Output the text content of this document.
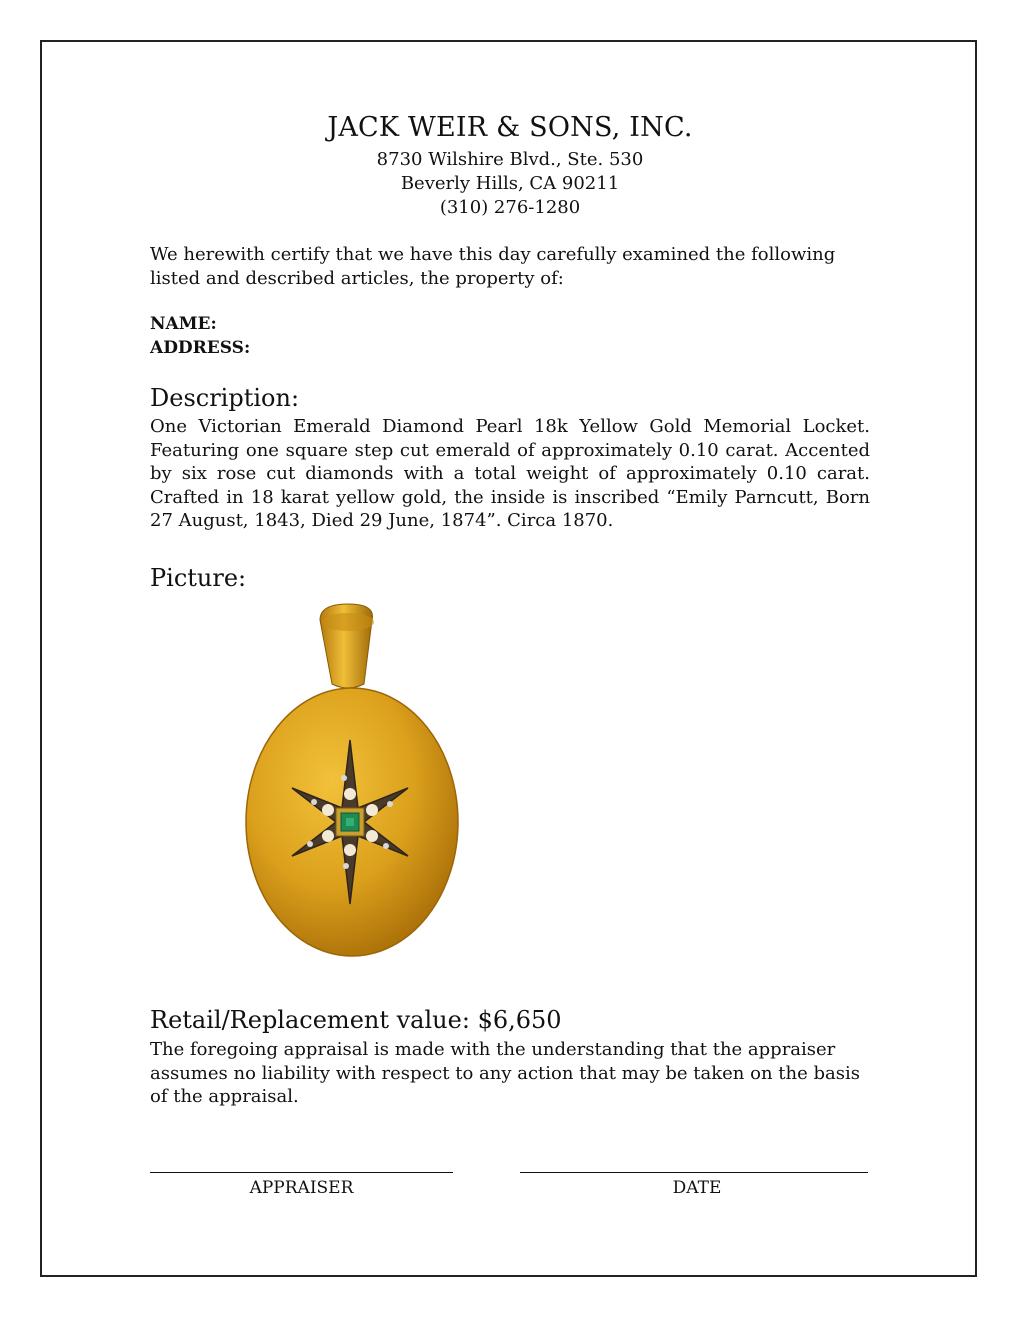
JACK WEIR & SONS, INC.
8730 Wilshire Blvd., Ste. 530
Beverly Hills, CA 90211
(310) 276-1280
We herewith certify that we have this day carefully examined the following listed and described articles, the property of:
NAME:
ADDRESS:
Description:
One Victorian Emerald Diamond Pearl 18k Yellow Gold Memorial Locket. Featuring one square step cut emerald of approximately 0.10 carat. Accented by six rose cut diamonds with a total weight of approximately 0.10 carat. Crafted in 18 karat yellow gold, the inside is inscribed “Emily Parncutt, Born 27 August, 1843, Died 29 June, 1874”. Circa 1870.
Picture:
Retail/Replacement value: $6,650
The foregoing appraisal is made with the understanding that the appraiser assumes no liability with respect to any action that may be taken on the basis of the appraisal.
APPRAISER	DATE
